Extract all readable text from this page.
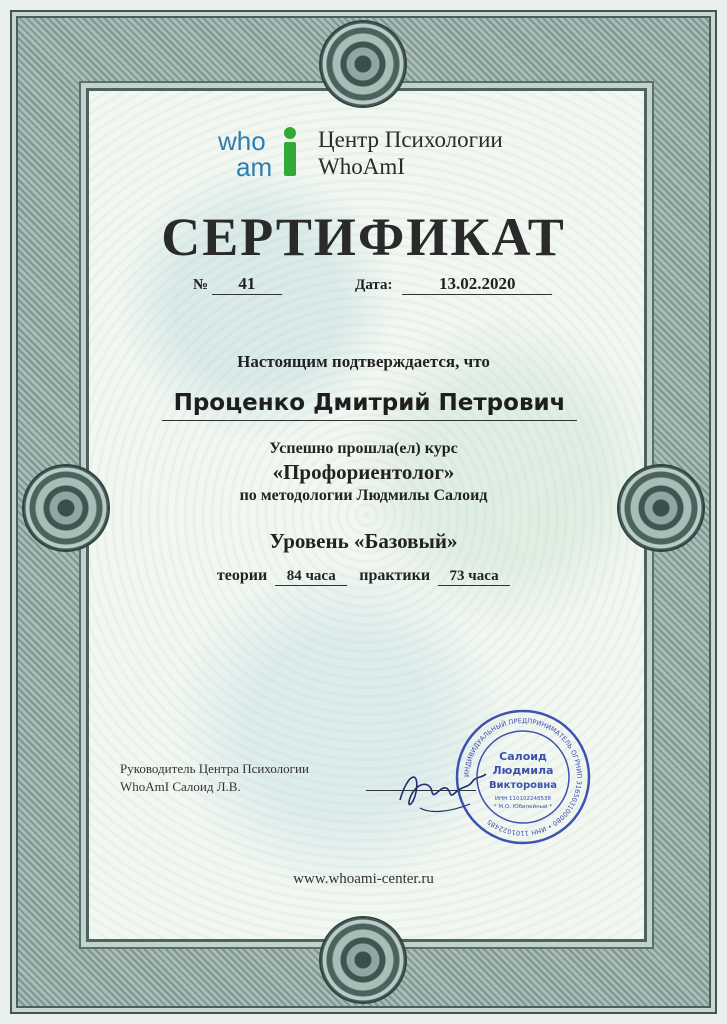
who
am
Центр Психологии
WhoAmI
СЕРТИФИКАТ
№ 41	Дата:	13.02.2020
Настоящим подтверждается, что
Проценко Дмитрий Петрович
Успешно прошла(ел) курс
«Профориентолог»
по методологии Людмилы Салоид
Уровень «Базовый»
теории 84 часа практики 73 часа
Руководитель Центра Психологии
WhoAmI Салоид Л.В.
ИНДИВИДУАЛЬНЫЙ ПРЕДПРИНИМАТЕЛЬ ОГРНИП 316503100080 • ИНН 1101022485
Салоид
Людмила
Викторовна
ИНН 110102248538
* М.О. Юбилейный *
www.whoami-center.ru
